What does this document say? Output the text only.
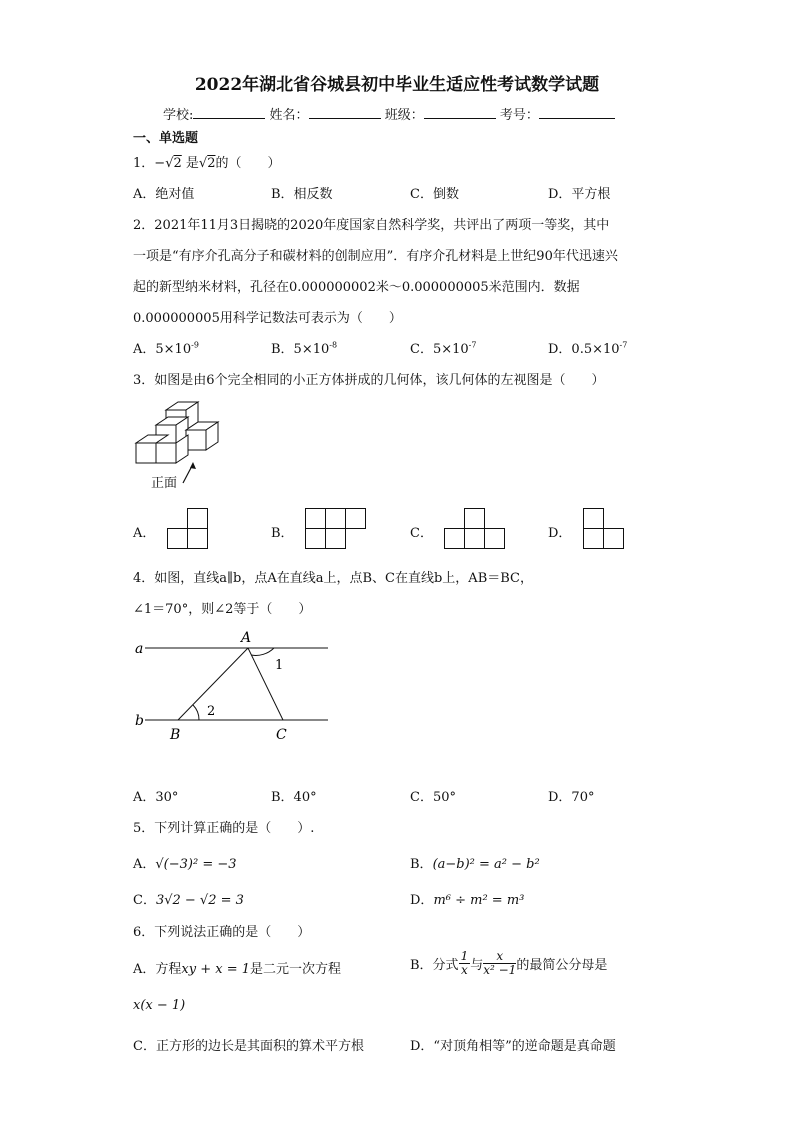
2022年湖北省谷城县初中毕业生适应性考试数学试题
学校:	姓名：	班级：	考号：
一、单选题
1．−√2 是√2的（　　）
A．绝对值	B．相反数	C．倒数	D．平方根
2．2021年11月3日揭晓的2020年度国家自然科学奖，共评出了两项一等奖，其中
一项是“有序介孔高分子和碳材料的创制应用”．有序介孔材料是上世纪90年代迅速兴
起的新型纳米材料，孔径在0.000000002米～0.000000005米范围内．数据
0.000000005用科学记数法可表示为（　　）
A．$5\times 10^{-9}$	B．$5\times 10^{-8}$	C．$5\times 10^{-7}$	D．$0.5\times 10^{-7}$
3．如图是由6个完全相同的小正方体拼成的几何体，该几何体的左视图是（　　）
正面
A．	B．	C．	D．
4．如图，直线a∥b，点A在直线a上，点B、C在直线b上，AB＝BC，
∠1＝70°，则∠2等于（　　）
a
b
A
B	C
1
2
A．30°	B．40°	C．50°	D．70°
5．下列计算正确的是（　　）.
A．√(−3)² = −3	B．(a−b)² = a² − b²
C．3√2 − √2 = 3	D．m⁶ ÷ m² = m³
6．下列说法正确的是（　　）
A．方程xy + x = 1是二元一次方程	B．分式 $\frac{1}{x}$ 与 $\frac{x}{\text{x² −1}}$ 的最简公分母是
x(x − 1)
C．正方形的边长是其面积的算术平方根	D．“对顶角相等”的逆命题是真命题
